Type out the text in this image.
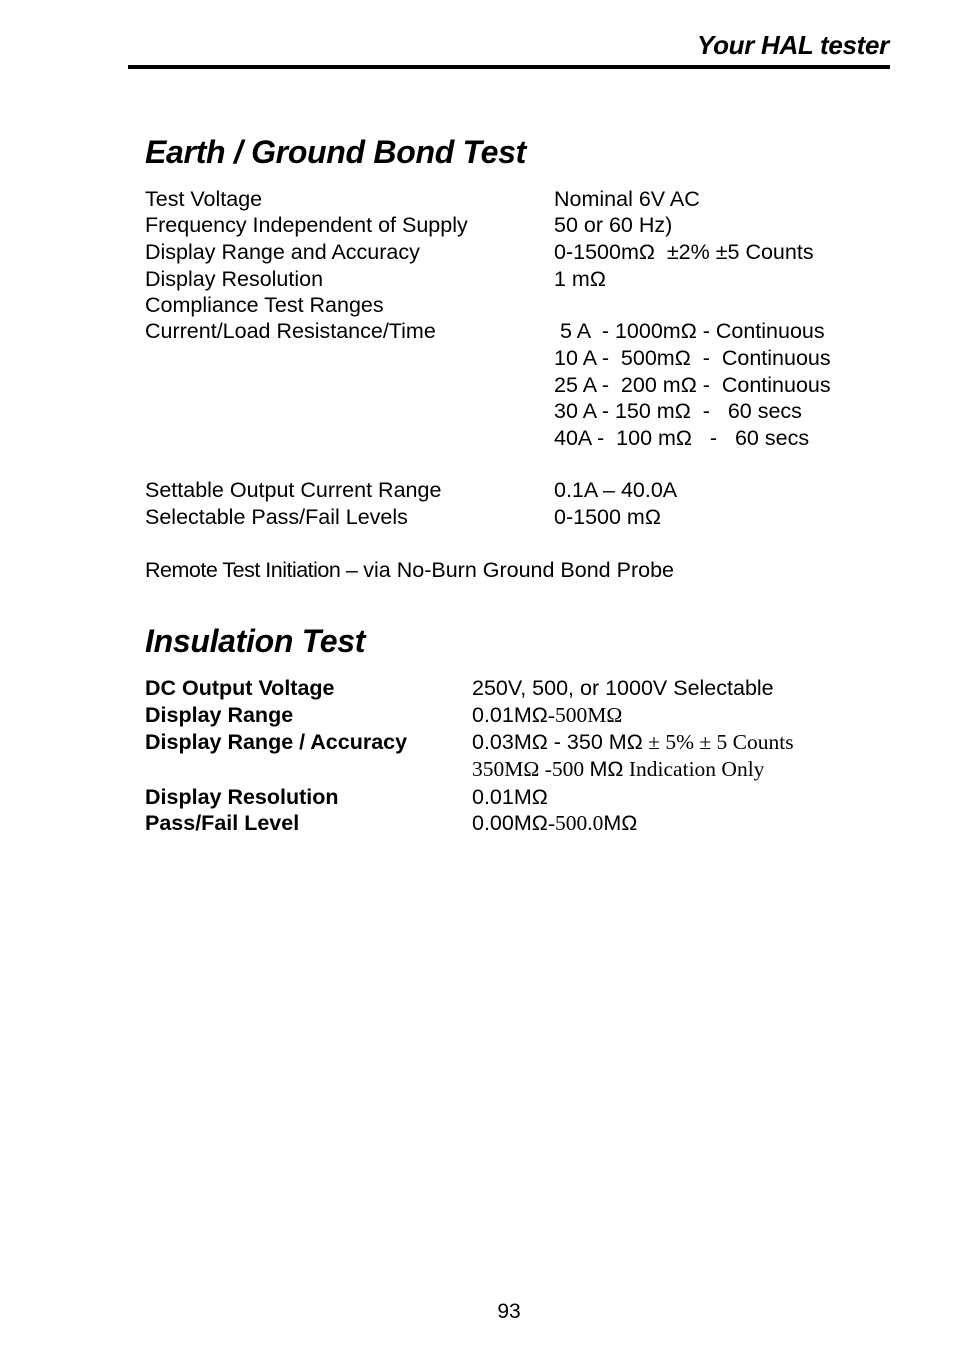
Your HAL tester
Earth / Ground Bond Test
Test Voltage	Nominal 6V AC
Frequency Independent of Supply	50 or 60 Hz)
Display Range and Accuracy	0-1500mΩ  ±2% ±5 Counts
Display Resolution	1 mΩ
Compliance Test Ranges
Current/Load Resistance/Time	5 A  - 1000mΩ - Continuous
10 A -  500mΩ  -  Continuous
25 A -  200 mΩ -  Continuous
30 A - 150 mΩ  -   60 secs
40A -  100 mΩ   -   60 secs
Settable Output Current Range	0.1A – 40.0A
Selectable Pass/Fail Levels	0-1500 mΩ
Remote Test Initiation – via No-Burn Ground Bond Probe
Insulation Test
DC Output Voltage	250V, 500, or 1000V Selectable
Display Range	0.01MΩ-500MΩ
Display Range / Accuracy	0.03MΩ - 350 MΩ ± 5% ± 5 Counts
350MΩ -500 MΩ Indication Only
Display Resolution	0.01MΩ
Pass/Fail Level	0.00MΩ-500.0MΩ
93
